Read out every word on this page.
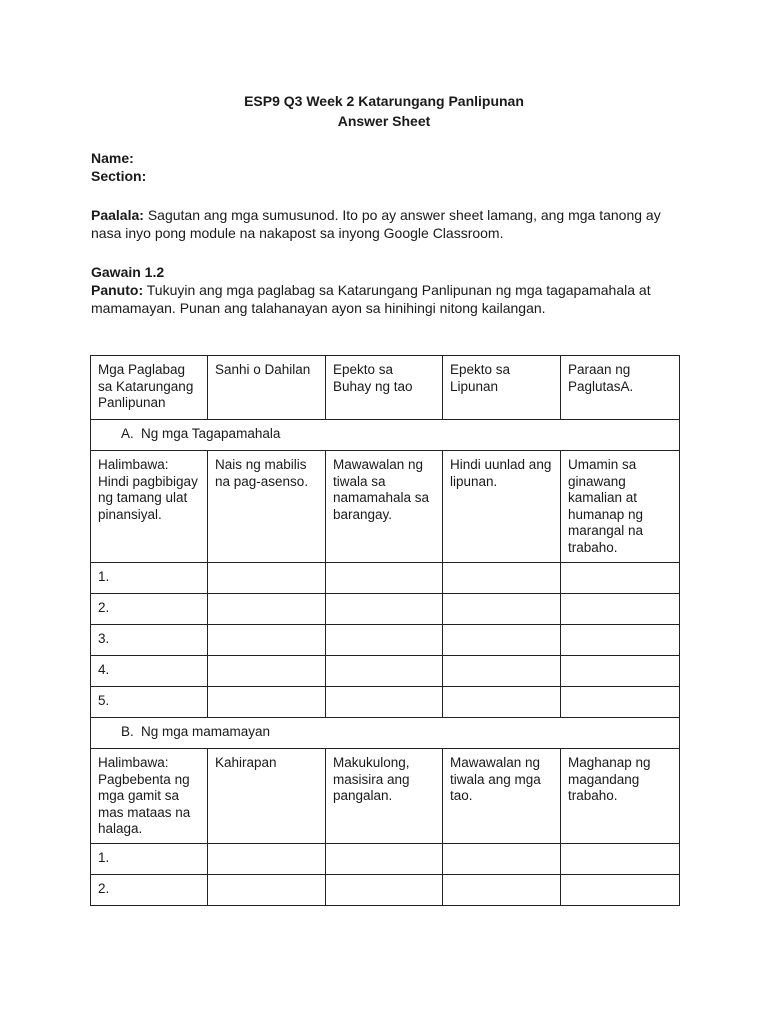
ESP9 Q3 Week 2 Katarungang Panlipunan
Answer Sheet
Name:
Section:
Paalala: Sagutan ang mga sumusunod. Ito po ay answer sheet lamang, ang mga tanong ay nasa inyo pong module na nakapost sa inyong Google Classroom.
Gawain 1.2
Panuto: Tukuyin ang mga paglabag sa Katarungang Panlipunan ng mga tagapamahala at mamamayan. Punan ang talahanayan ayon sa hinihingi nitong kailangan.
Mga Paglabag sa Katarungang Panlipunan	Sanhi o Dahilan	Epekto sa Buhay ng tao	Epekto sa Lipunan	Paraan ng PaglutasA.
A. Ng mga Tagapamahala				
Halimbawa: Hindi pagbibigay ng tamang ulat pinansiyal.	Nais ng mabilis na pag-asenso.	Mawawalan ng tiwala sa namamahala sa barangay.	Hindi uunlad ang lipunan.	Umamin sa ginawang kamalian at humanap ng marangal na trabaho.
1.				
2.				
3.				
4.				
5.				
B. Ng mga mamamayan				
Halimbawa: Pagbebenta ng mga gamit sa mas mataas na halaga.	Kahirapan	Makukulong, masisira ang pangalan.	Mawawalan ng tiwala ang mga tao.	Maghanap ng magandang trabaho.
1.				
2.				
